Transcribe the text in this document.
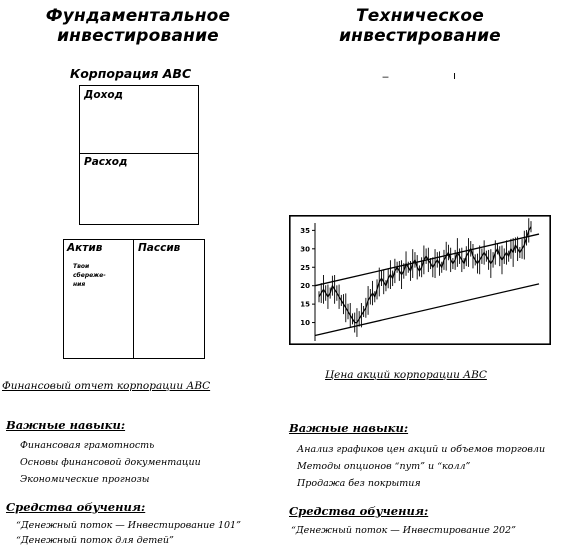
Фундаментальное
инвестирование
Корпорация АВС
Доход
Расход
Актив	Пассив
Твои
сбереже-
ния
Финансовый отчет корпорации АВС
Важные навыки:
Финансовая грамотность
Основы финансовой документации
Экономические прогнозы
Средства обучения:
“Денежный поток — Инвестирование 101”
“Денежный поток для детей”
Техническое
инвестирование
‒	ı
35
30
25
20
15
10
Цена акций корпорации АВС
Важные навыки:
Анализ графиков цен акций и объемов торговли
Методы опционов “пут” и “колл”
Продажа без покрытия
Средства обучения:
“Денежный поток — Инвестирование 202”
